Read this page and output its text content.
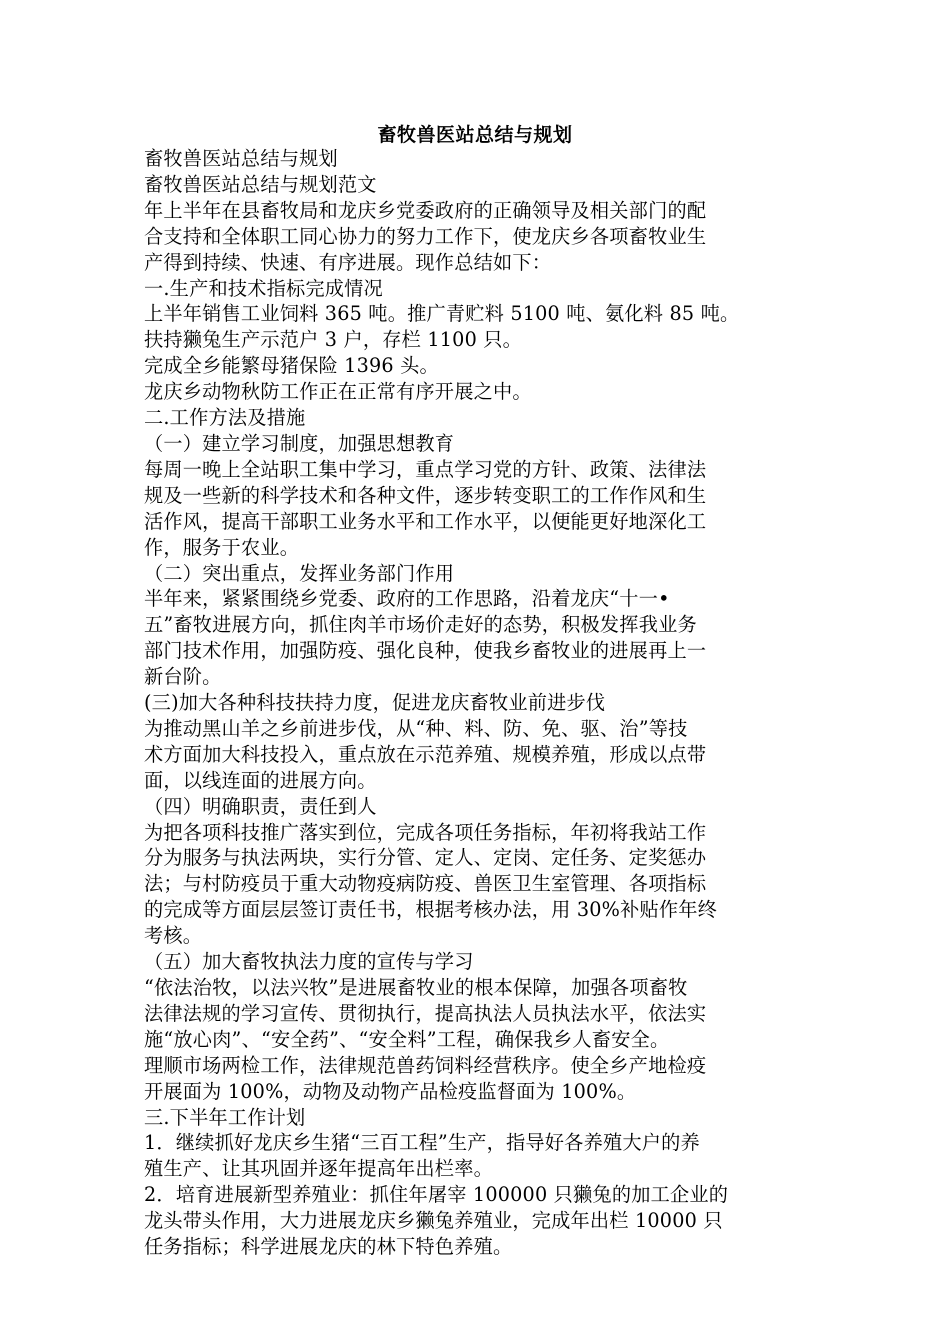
畜牧兽医站总结与规划
畜牧兽医站总结与规划
畜牧兽医站总结与规划范文
年上半年在县畜牧局和龙庆乡党委政府的正确领导及相关部门的配
合支持和全体职工同心协力的努力工作下，使龙庆乡各项畜牧业生
产得到持续、快速、有序进展。现作总结如下：
一.生产和技术指标完成情况
上半年销售工业饲料 365 吨。推广青贮料 5100 吨、氨化料 85 吨。
扶持獭兔生产示范户 3 户，存栏 1100 只。
完成全乡能繁母猪保险 1396 头。
龙庆乡动物秋防工作正在正常有序开展之中。
二.工作方法及措施
（一）建立学习制度，加强思想教育
每周一晚上全站职工集中学习，重点学习党的方针、政策、法律法
规及一些新的科学技术和各种文件，逐步转变职工的工作作风和生
活作风，提高干部职工业务水平和工作水平，以便能更好地深化工
作，服务于农业。
（二）突出重点，发挥业务部门作用
半年来，紧紧围绕乡党委、政府的工作思路，沿着龙庆“十一•
五”畜牧进展方向，抓住肉羊市场价走好的态势，积极发挥我业务
部门技术作用，加强防疫、强化良种，使我乡畜牧业的进展再上一
新台阶。
(三)加大各种科技扶持力度，促进龙庆畜牧业前进步伐
为推动黑山羊之乡前进步伐，从“种、料、防、免、驱、治”等技
术方面加大科技投入，重点放在示范养殖、规模养殖，形成以点带
面，以线连面的进展方向。
（四）明确职责，责任到人
为把各项科技推广落实到位，完成各项任务指标，年初将我站工作
分为服务与执法两块，实行分管、定人、定岗、定任务、定奖惩办
法；与村防疫员于重大动物疫病防疫、兽医卫生室管理、各项指标
的完成等方面层层签订责任书，根据考核办法，用 30%补贴作年终
考核。
（五）加大畜牧执法力度的宣传与学习
“依法治牧，以法兴牧”是进展畜牧业的根本保障，加强各项畜牧
法律法规的学习宣传、贯彻执行，提高执法人员执法水平，依法实
施“放心肉”、“安全药”、“安全料”工程，确保我乡人畜安全。
理顺市场两检工作，法律规范兽药饲料经营秩序。使全乡产地检疫
开展面为 100%，动物及动物产品检疫监督面为 100%。
三.下半年工作计划
1．继续抓好龙庆乡生猪“三百工程”生产，指导好各养殖大户的养
殖生产、让其巩固并逐年提高年出栏率。
2．培育进展新型养殖业：抓住年屠宰 100000 只獭兔的加工企业的
龙头带头作用，大力进展龙庆乡獭兔养殖业，完成年出栏 10000 只
任务指标；科学进展龙庆的林下特色养殖。
